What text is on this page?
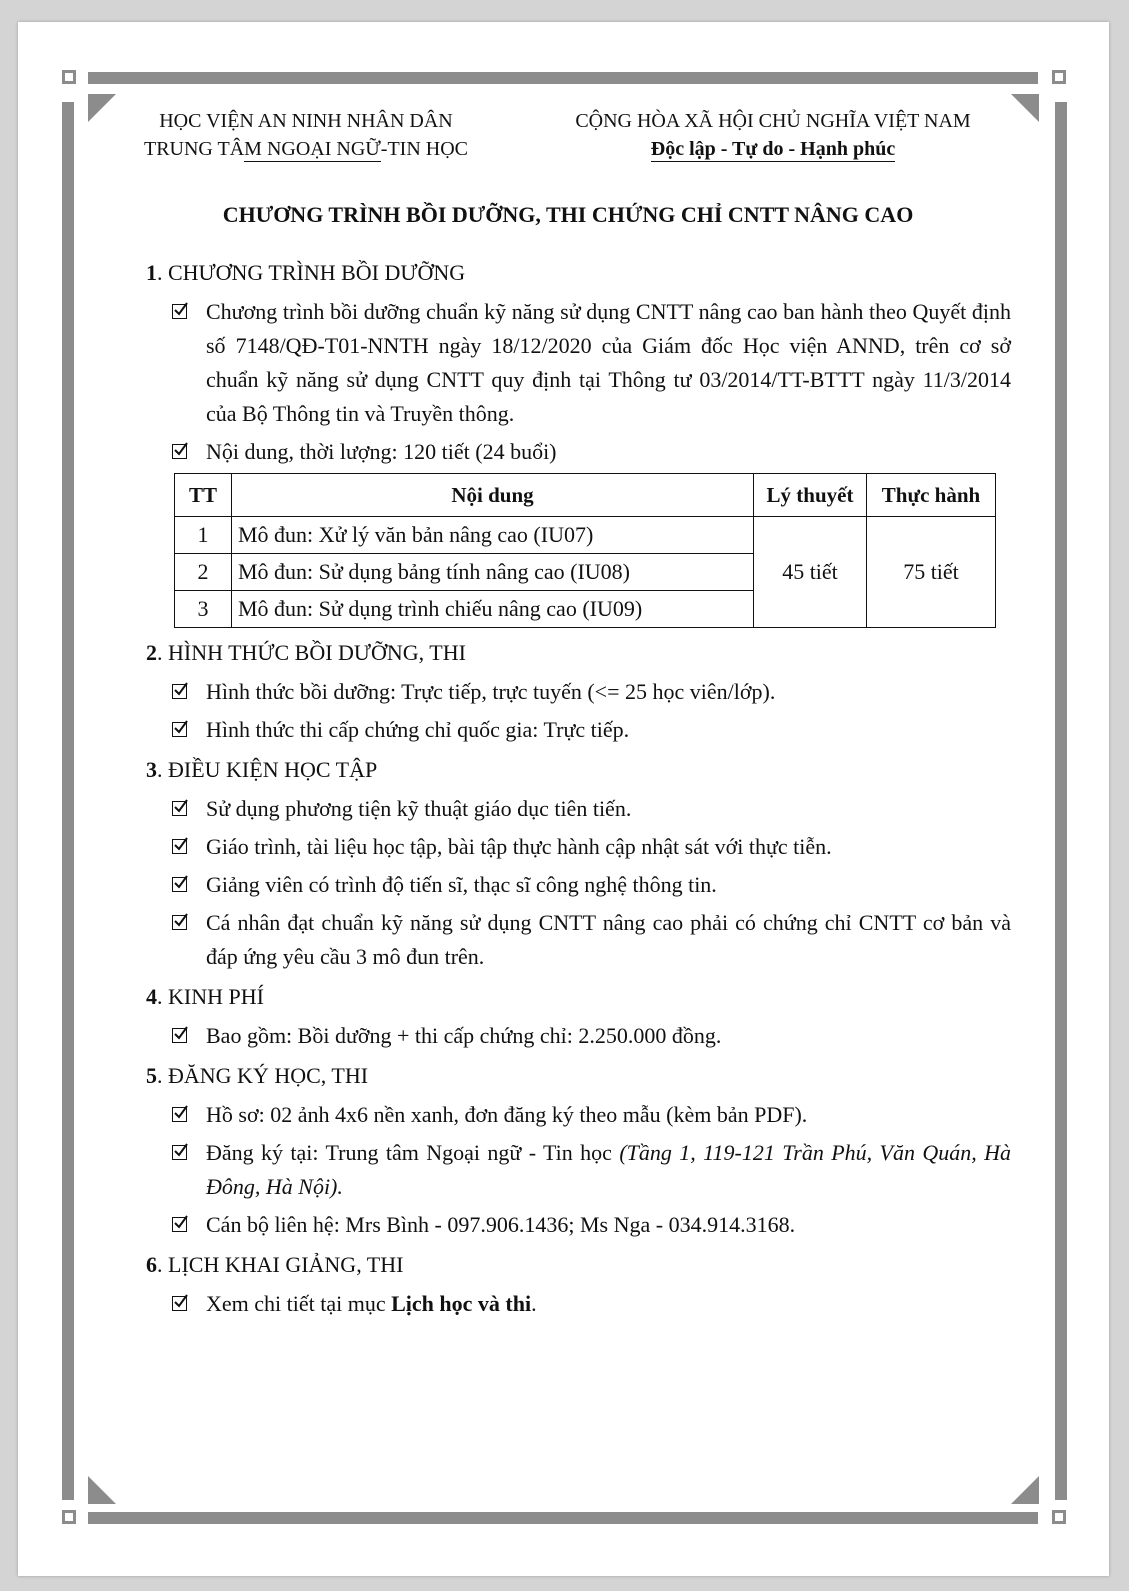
HỌC VIỆN AN NINH NHÂN DÂN
TRUNG TÂM NGOẠI NGỮ-TIN HỌC
CỘNG HÒA XÃ HỘI CHỦ NGHĨA VIỆT NAM
Độc lập - Tự do - Hạnh phúc
CHƯƠNG TRÌNH BỒI DƯỠNG, THI CHỨNG CHỈ CNTT NÂNG CAO

1. CHƯƠNG TRÌNH BỒI DƯỠNG

Chương trình bồi dưỡng chuẩn kỹ năng sử dụng CNTT nâng cao ban hành theo Quyết định số 7148/QĐ-T01-NNTH ngày 18/12/2020 của Giám đốc Học viện ANND, trên cơ sở chuẩn kỹ năng sử dụng CNTT quy định tại Thông tư 03/2014/TT-BTTT ngày 11/3/2014 của Bộ Thông tin và Truyền thông.
Nội dung, thời lượng: 120 tiết (24 buổi)
TT	Nội dung	Lý thuyết	Thực hành
1	Mô đun: Xử lý văn bản nâng cao (IU07)	45 tiết	75 tiết
2	Mô đun: Sử dụng bảng tính nâng cao (IU08)		
3	Mô đun: Sử dụng trình chiếu nâng cao (IU09)		

2. HÌNH THỨC BỒI DƯỠNG, THI

Hình thức bồi dưỡng: Trực tiếp, trực tuyến (<= 25 học viên/lớp).
Hình thức thi cấp chứng chỉ quốc gia: Trực tiếp.

3. ĐIỀU KIỆN HỌC TẬP

Sử dụng phương tiện kỹ thuật giáo dục tiên tiến.
Giáo trình, tài liệu học tập, bài tập thực hành cập nhật sát với thực tiễn.
Giảng viên có trình độ tiến sĩ, thạc sĩ công nghệ thông tin.
Cá nhân đạt chuẩn kỹ năng sử dụng CNTT nâng cao phải có chứng chỉ CNTT cơ bản và đáp ứng yêu cầu 3 mô đun trên.

4. KINH PHÍ

Bao gồm: Bồi dưỡng + thi cấp chứng chỉ: 2.250.000 đồng.

5. ĐĂNG KÝ HỌC, THI

Hồ sơ: 02 ảnh 4x6 nền xanh, đơn đăng ký theo mẫu (kèm bản PDF).
Đăng ký tại: Trung tâm Ngoại ngữ - Tin học (Tầng 1, 119-121 Trần Phú, Văn Quán, Hà Đông, Hà Nội).
Cán bộ liên hệ: Mrs Bình - 097.906.1436; Ms Nga - 034.914.3168.

6. LỊCH KHAI GIẢNG, THI

Xem chi tiết tại mục Lịch học và thi.
